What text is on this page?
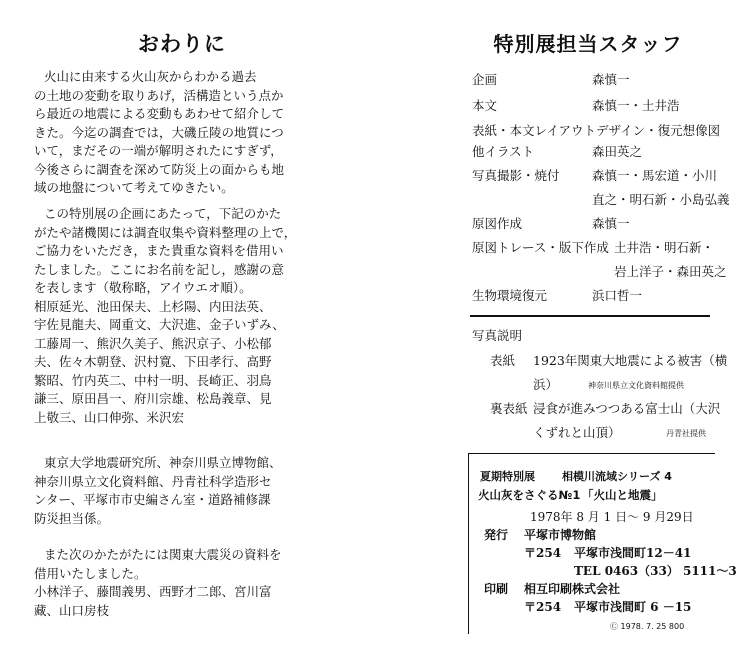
おわりに
火山に由来する火山灰からわかる過去
の土地の変動を取りあげ，活構造という点か
ら最近の地震による変動もあわせて紹介して
きた。今迄の調査では，大磯丘陵の地質につ
いて，まだその一端が解明されたにすぎず，
今後さらに調査を深めて防災上の面からも地
域の地盤について考えてゆきたい。
この特別展の企画にあたって，下記のかた
がたや諸機関には調査収集や資料整理の上で，
ご協力をいただき，また貴重な資料を借用い
たしました。ここにお名前を記し，感謝の意
を表します（敬称略，アイウエオ順）。
相原延光、池田保夫、上杉陽、内田法英、
宇佐見龍夫、岡重文、大沢進、金子いずみ、
工藤周一、熊沢久美子、熊沢京子、小松郁
夫、佐々木朝登、沢村寛、下田孝行、高野
繁昭、竹内英二、中村一明、長崎正、羽鳥
謙三、原田昌一、府川宗雄、松島義章、見
上敬三、山口伸弥、米沢宏
東京大学地震研究所、神奈川県立博物館、
神奈川県立文化資料館、丹青社科学造形セ
ンター、平塚市市史編さん室・道路補修課
防災担当係。
また次のかたがたには関東大震災の資料を
借用いたしました。
小林洋子、藤間義男、西野才二郎、宮川富
藏、山口房枝
特別展担当スタッフ
企画	森慎一
本文	森慎一・土井浩
表紙・本文レイアウトデザイン・復元想像図
他イラスト	森田英之
写真撮影・焼付	森慎一・馬宏道・小川
直之・明石新・小島弘義
原図作成	森慎一
原図トレース・版下作成 土井浩・明石新・
岩上洋子・森田英之
生物環境復元	浜口哲一
写真説明
表紙 1923年関東大地震による被害（横
浜）	神奈川県立文化資料館提供
裏表紙 浸食が進みつつある富士山（大沢
くずれと山頂）	丹青社提供
夏期特別展 相模川流域シリーズ 4
火山灰をさぐる№1 「火山と地震」
1978年 8 月 1 日～ 9 月29日
発行 平塚市博物館
〒254 平塚市浅間町12－41
TEL 0463（33） 5111～3
印刷 相互印刷株式会社
〒254 平塚市浅間町 6 －15
Ⓒ 1978. 7. 25 800
